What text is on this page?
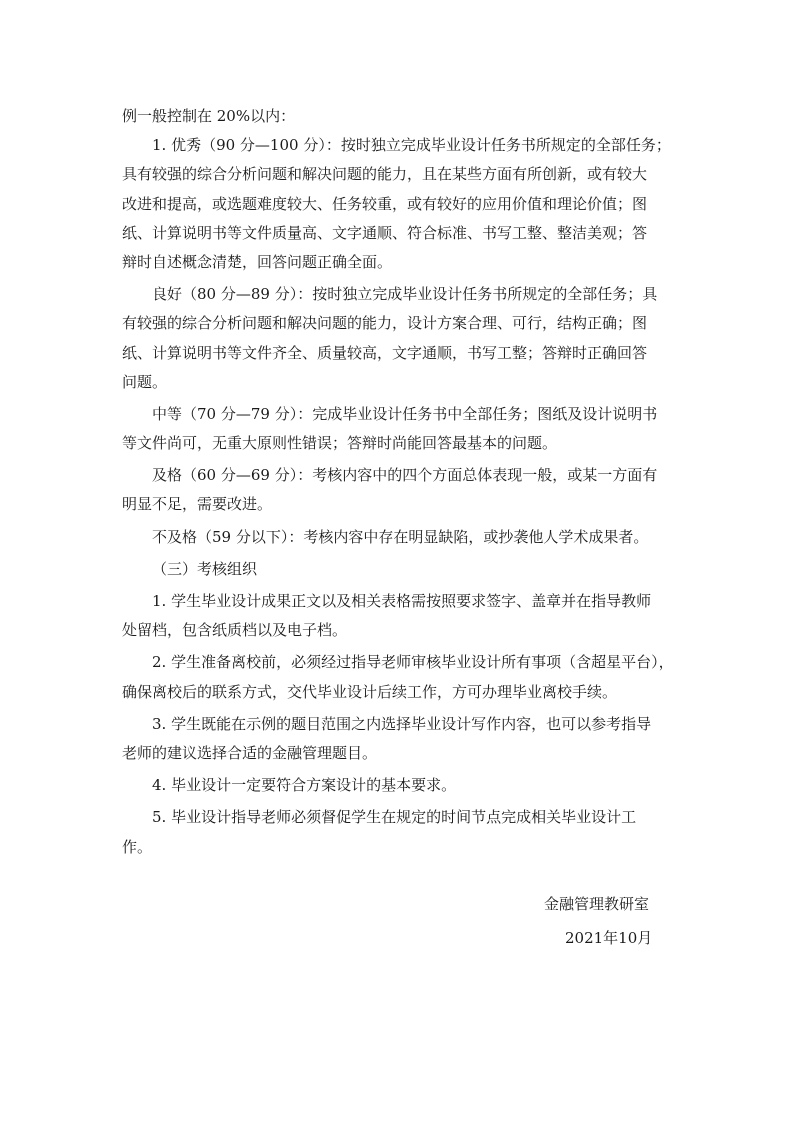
例一般控制在 20%以内：
1. 优秀（90 分—100 分）：按时独立完成毕业设计任务书所规定的全部任务；
具有较强的综合分析问题和解决问题的能力，且在某些方面有所创新，或有较大
改进和提高，或选题难度较大、任务较重，或有较好的应用价值和理论价值；图
纸、计算说明书等文件质量高、文字通顺、符合标准、书写工整、整洁美观；答
辩时自述概念清楚，回答问题正确全面。
良好（80 分—89 分）：按时独立完成毕业设计任务书所规定的全部任务；具
有较强的综合分析问题和解决问题的能力，设计方案合理、可行，结构正确；图
纸、计算说明书等文件齐全、质量较高，文字通顺，书写工整；答辩时正确回答
问题。
中等（70 分—79 分）：完成毕业设计任务书中全部任务；图纸及设计说明书
等文件尚可，无重大原则性错误；答辩时尚能回答最基本的问题。
及格（60 分—69 分）：考核内容中的四个方面总体表现一般，或某一方面有
明显不足，需要改进。
不及格（59 分以下）：考核内容中存在明显缺陷，或抄袭他人学术成果者。
（三）考核组织
1. 学生毕业设计成果正文以及相关表格需按照要求签字、盖章并在指导教师
处留档，包含纸质档以及电子档。
2. 学生准备离校前，必须经过指导老师审核毕业设计所有事项（含超星平台），
确保离校后的联系方式，交代毕业设计后续工作，方可办理毕业离校手续。
3. 学生既能在示例的题目范围之内选择毕业设计写作内容，也可以参考指导
老师的建议选择合适的金融管理题目。
4. 毕业设计一定要符合方案设计的基本要求。
5. 毕业设计指导老师必须督促学生在规定的时间节点完成相关毕业设计工
作。
金融管理教研室
2021年10月
